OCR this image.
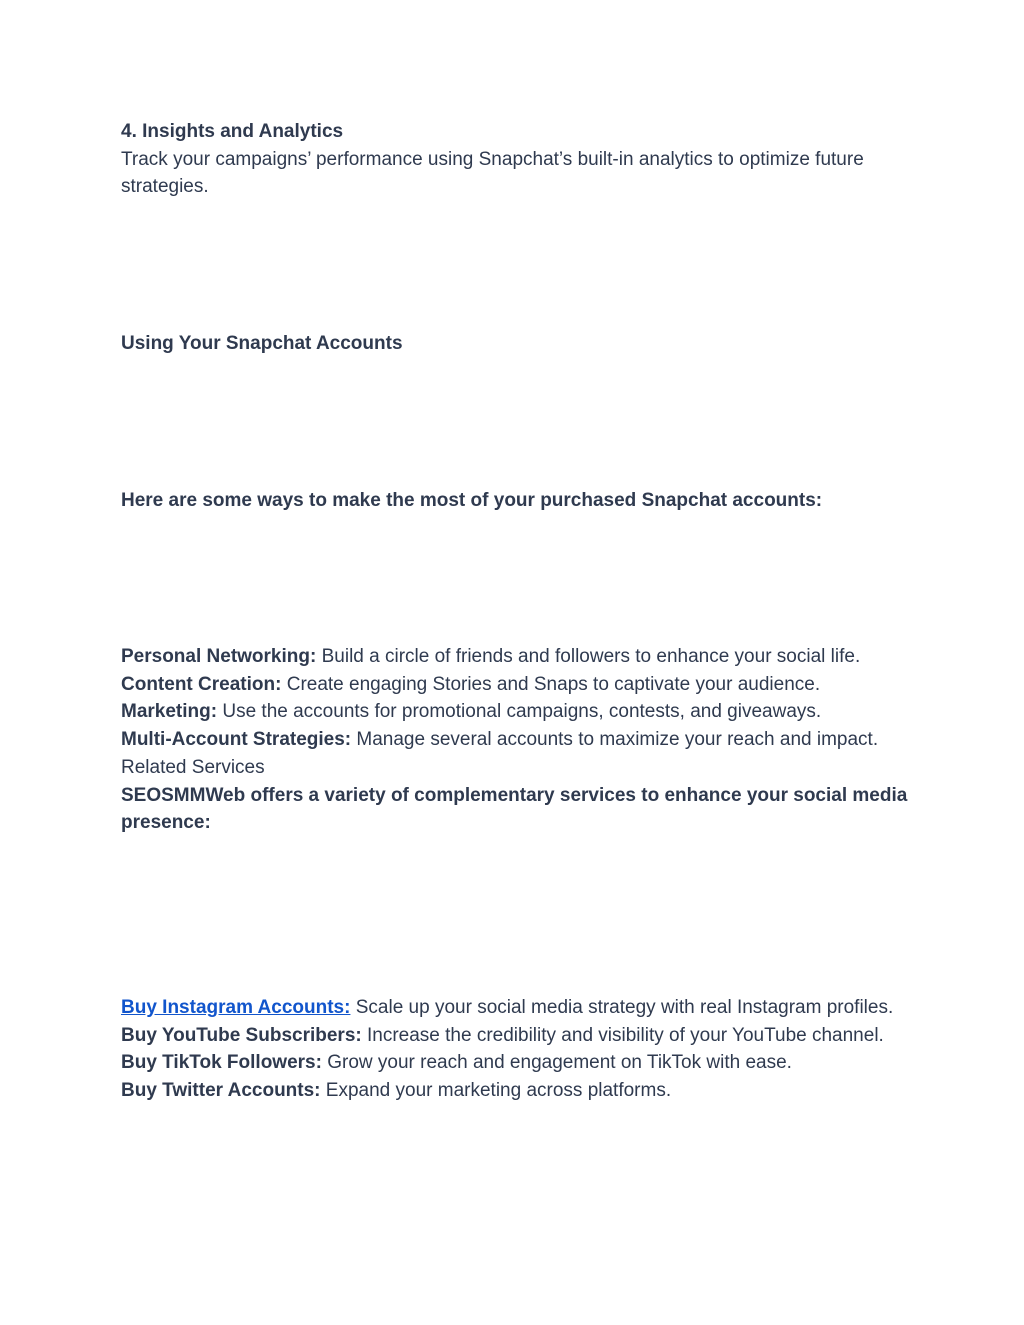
4. Insights and Analytics

Track your campaigns’ performance using Snapchat’s built-in analytics to optimize future strategies.

Using Your Snapchat Accounts

Here are some ways to make the most of your purchased Snapchat accounts:

Personal Networking: Build a circle of friends and followers to enhance your social life.

Content Creation: Create engaging Stories and Snaps to captivate your audience.

Marketing: Use the accounts for promotional campaigns, contests, and giveaways.

Multi-Account Strategies: Manage several accounts to maximize your reach and impact.

Related Services

SEOSMMWeb offers a variety of complementary services to enhance your social media presence:

Buy Instagram Accounts: Scale up your social media strategy with real Instagram profiles.

Buy YouTube Subscribers: Increase the credibility and visibility of your YouTube channel.

Buy TikTok Followers: Grow your reach and engagement on TikTok with ease.

Buy Twitter Accounts: Expand your marketing across platforms.
